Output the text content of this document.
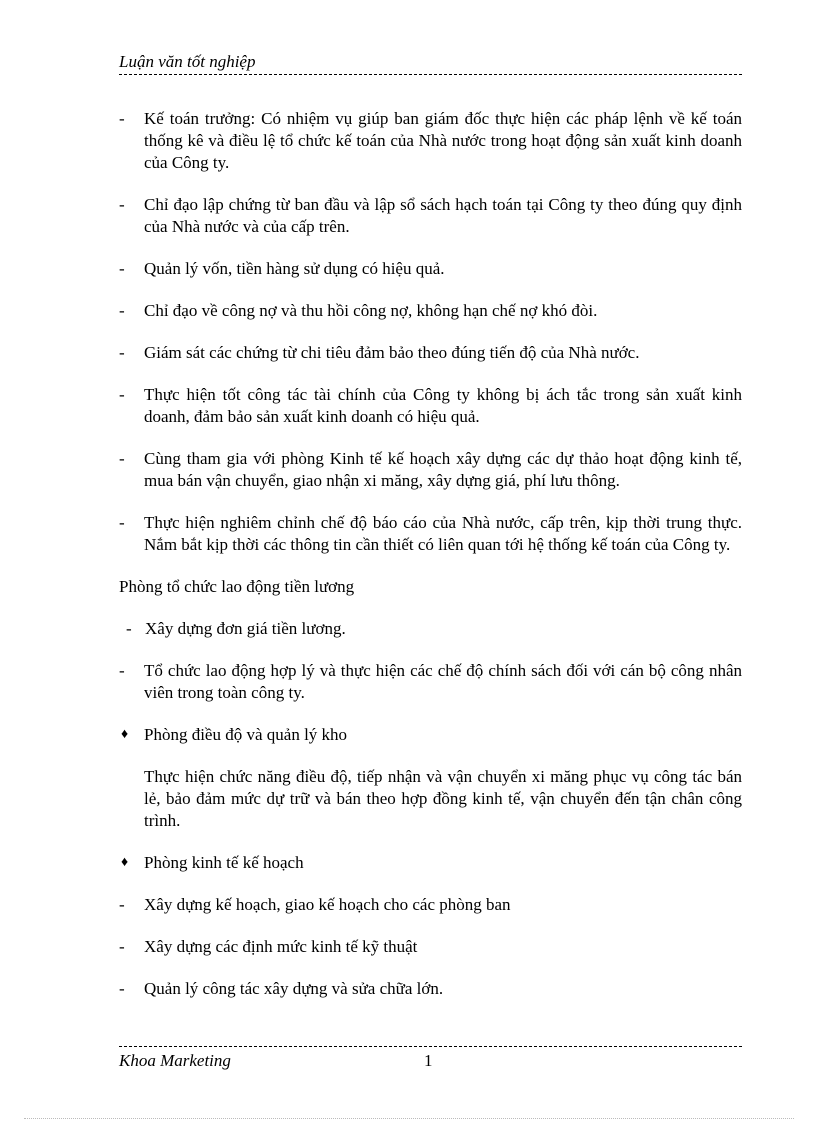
Luận văn tốt nghiệp
- Kế toán trưởng: Có nhiệm vụ giúp ban giám đốc thực hiện các pháp lệnh về kế toán thống kê và điều lệ tổ chức kế toán của Nhà nước trong hoạt động sản xuất kinh doanh của Công ty.
- Chỉ đạo lập chứng từ ban đầu và lập sổ sách hạch toán tại Công ty theo đúng quy định của Nhà nước và của cấp trên.
- Quản lý vốn, tiền hàng sử dụng có hiệu quả.
- Chỉ đạo về công nợ và thu hồi công nợ, không hạn chế nợ khó đòi.
- Giám sát các chứng từ chi tiêu đảm bảo theo đúng tiến độ của Nhà nước.
- Thực hiện tốt công tác tài chính của Công ty không bị ách tắc trong sản xuất kinh doanh, đảm bảo sản xuất kinh doanh có hiệu quả.
- Cùng tham gia với phòng Kinh tế kế hoạch xây dựng các dự thảo hoạt động kinh tế, mua bán vận chuyển, giao nhận xi măng, xây dựng giá, phí lưu thông.
- Thực hiện nghiêm chỉnh chế độ báo cáo của Nhà nước, cấp trên, kịp thời trung thực. Nắm bắt kịp thời các thông tin cần thiết có liên quan tới hệ thống kế toán của Công ty.
Phòng tổ chức lao động tiền lương
- Xây dựng đơn giá tiền lương.
- Tổ chức lao động hợp lý và thực hiện các chế độ chính sách đối với cán bộ công nhân viên trong toàn công ty.
♦ Phòng điều độ và quản lý kho
Thực hiện chức năng điều độ, tiếp nhận và vận chuyển xi măng phục vụ công tác bán lẻ, bảo đảm mức dự trữ và bán theo hợp đồng kinh tế, vận chuyển đến tận chân công trình.
♦ Phòng kinh tế kế hoạch
- Xây dựng kế hoạch, giao kế hoạch cho các phòng ban
- Xây dựng các định mức kinh tế kỹ thuật
- Quản lý công tác xây dựng và sửa chữa lớn.
Khoa Marketing	1
